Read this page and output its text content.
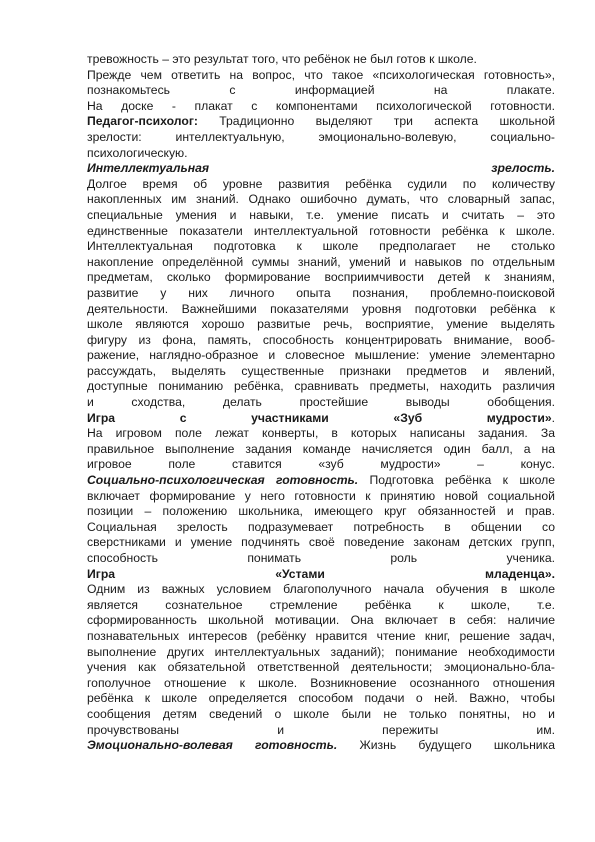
тревожность – это результат того, что ребёнок не был готов к школе.
Прежде чем ответить на вопрос, что такое «психологическая готовность»,
познакомьтесь с информацией на плакате.
На доске - плакат с компонентами психологической готовности.
Педагог-психолог: Традиционно выделяют три аспекта школьной
зрелости: интеллектуальную, эмоционально-волевую, социально-
психологическую.
Интеллектуальная зрелость.
Долгое время об уровне развития ребёнка судили по количеству
накопленных им знаний. Однако ошибочно думать, что словарный запас,
специальные умения и навыки, т.е. умение писать и считать – это
единственные показатели интеллектуальной готовности ребёнка к школе.
Интеллектуальная подготовка к школе предполагает не столько
накопление определённой суммы знаний, умений и навыков по отдельным
предметам, сколько формирование восприимчивости детей к знаниям,
развитие у них личного опыта познания, проблемно-поисковой
деятельности. Важнейшими показателями уровня подготовки ребёнка к
школе являются хорошо развитые речь, восприятие, умение выделять
фигуру из фона, память, способность концентрировать внимание, вооб-
ражение, наглядно-образное и словесное мышление: умение элементарно
рассуждать, выделять существенные признаки предметов и явлений,
доступные пониманию ребёнка, сравнивать предметы, находить различия
и сходства, делать простейшие выводы обобщения.
Игра с участниками «Зуб мудрости».
На игровом поле лежат конверты, в которых написаны задания. За
правильное выполнение задания команде начисляется один балл, а на
игровое поле ставится «зуб мудрости» – конус.
Социально-психологическая готовность. Подготовка ребёнка к школе
включает формирование у него готовности к принятию новой социальной
позиции – положению школьника, имеющего круг обязанностей и прав.
Социальная зрелость подразумевает потребность в общении со
сверстниками и умение подчинять своё поведение законам детских групп,
способность понимать роль ученика.
Игра «Устами младенца».
Одним из важных условием благополучного начала обучения в школе
является сознательное стремление ребёнка к школе, т.е.
сформированность школьной мотивации. Она включает в себя: наличие
познавательных интересов (ребёнку нравится чтение книг, решение задач,
выполнение других интеллектуальных заданий); понимание необходимости
учения как обязательной ответственной деятельности; эмоционально-бла-
гополучное отношение к школе. Возникновение осознанного отношения
ребёнка к школе определяется способом подачи о ней. Важно, чтобы
сообщения детям сведений о школе были не только понятны, но и
прочувствованы и пережиты им.
Эмоционально-волевая готовность. Жизнь будущего школьника
